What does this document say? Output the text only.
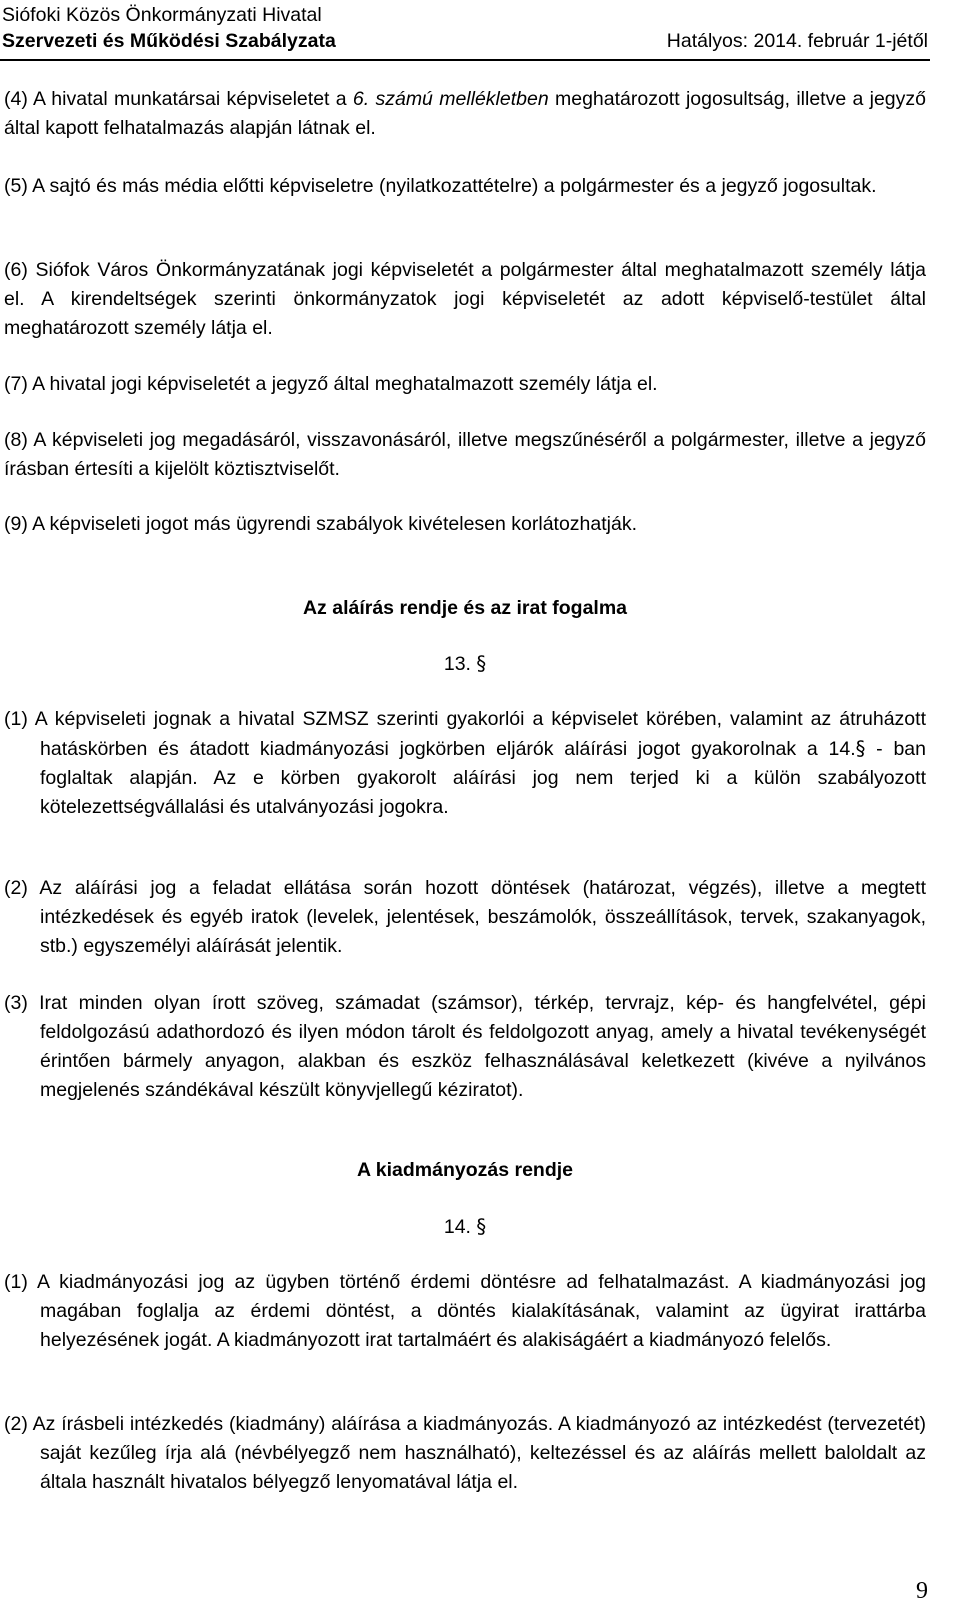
Siófoki Közös Önkormányzati Hivatal
Szervezeti és Működési Szabályzata	Hatályos: 2014. február 1-jétől
(4) A hivatal munkatársai képviseletet a 6. számú mellékletben meghatározott jogosultság, illetve a jegyző által kapott felhatalmazás alapján látnak el.
(5) A sajtó és más média előtti képviseletre (nyilatkozattételre) a polgármester és a jegyző jogosultak.
(6) Siófok Város Önkormányzatának jogi képviseletét a polgármester által meghatalmazott személy látja el. A kirendeltségek szerinti önkormányzatok jogi képviseletét az adott képviselő-testület által meghatározott személy látja el.
(7) A hivatal jogi képviseletét a jegyző által meghatalmazott személy látja el.
(8) A képviseleti jog megadásáról, visszavonásáról, illetve megszűnéséről a polgármester, illetve a jegyző írásban értesíti a kijelölt köztisztviselőt.
(9) A képviseleti jogot más ügyrendi szabályok kivételesen korlátozhatják.
Az aláírás rendje és az irat fogalma
13. §
(1) A képviseleti jognak a hivatal SZMSZ szerinti gyakorlói a képviselet körében, valamint az átruházott hatáskörben és átadott kiadmányozási jogkörben eljárók aláírási jogot gyakorolnak a 14.§ - ban foglaltak alapján. Az e körben gyakorolt aláírási jog nem terjed ki a külön szabályozott kötelezettségvállalási és utalványozási jogokra.
(2) Az aláírási jog a feladat ellátása során hozott döntések (határozat, végzés), illetve a megtett intézkedések és egyéb iratok (levelek, jelentések, beszámolók, összeállítások, tervek, szakanyagok, stb.) egyszemélyi aláírását jelentik.
(3) Irat minden olyan írott szöveg, számadat (számsor), térkép, tervrajz, kép- és hangfelvétel, gépi feldolgozású adathordozó és ilyen módon tárolt és feldolgozott anyag, amely a hivatal tevékenységét érintően bármely anyagon, alakban és eszköz felhasználásával keletkezett (kivéve a nyilvános megjelenés szándékával készült könyvjellegű kéziratot).
A kiadmányozás rendje
14. §
(1) A kiadmányozási jog az ügyben történő érdemi döntésre ad felhatalmazást. A kiadmányozási jog magában foglalja az érdemi döntést, a döntés kialakításának, valamint az ügyirat irattárba helyezésének jogát. A kiadmányozott irat tartalmáért és alakiságáért a kiadmányozó felelős.
(2) Az írásbeli intézkedés (kiadmány) aláírása a kiadmányozás. A kiadmányozó az intézkedést (tervezetét) saját kezűleg írja alá (névbélyegző nem használható), keltezéssel és az aláírás mellett baloldalt az általa használt hivatalos bélyegző lenyomatával látja el.
9
